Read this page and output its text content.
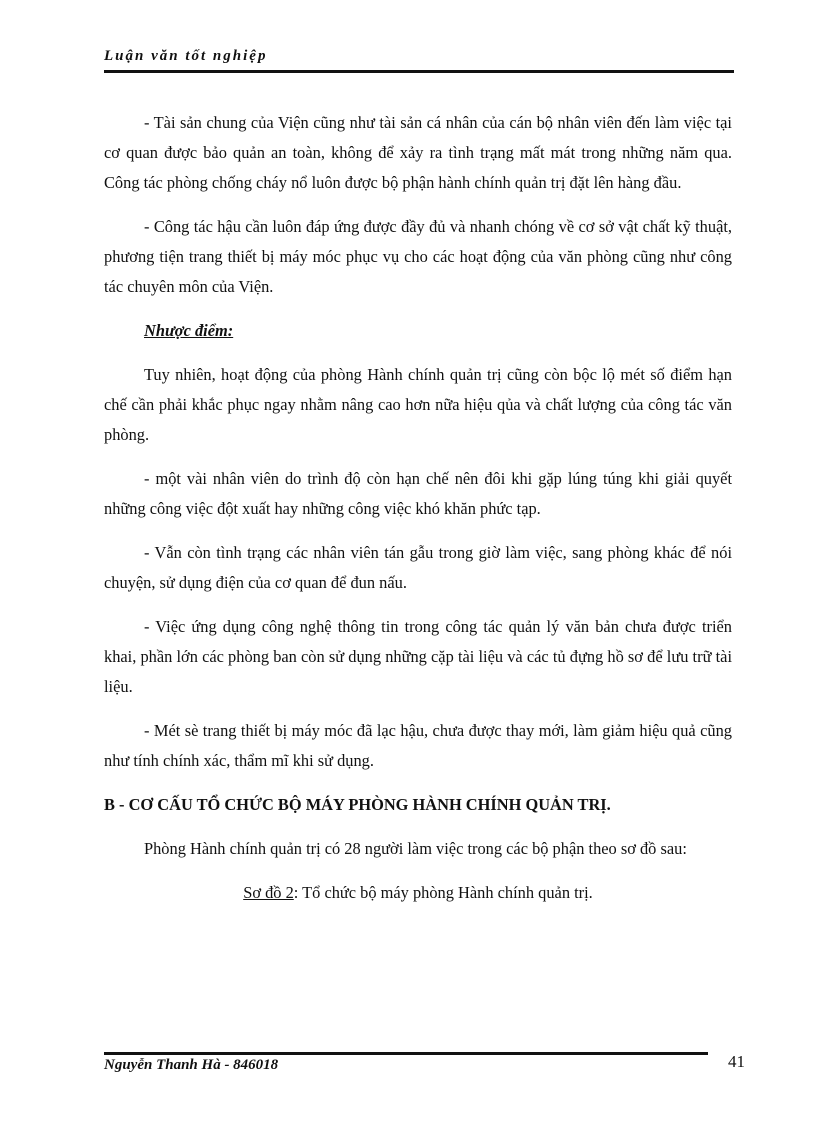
Luận văn tốt nghiệp

- Tài sản chung của Viện cũng như tài sản cá nhân của cán bộ nhân viên đến làm việc tại cơ quan được bảo quản an toàn, không để xảy ra tình trạng mất mát trong những năm qua. Công tác phòng chống cháy nổ luôn được bộ phận hành chính quản trị đặt lên hàng đầu.

- Công tác hậu cần luôn đáp ứng được đầy đủ và nhanh chóng về cơ sở vật chất kỹ thuật, phương tiện trang thiết bị máy móc phục vụ cho các hoạt động của văn phòng cũng như công tác chuyên môn của Viện.

Nhược điểm:

Tuy nhiên, hoạt động của phòng Hành chính quản trị cũng còn bộc lộ mét số điểm hạn chế cần phải khắc phục ngay nhằm nâng cao hơn nữa hiệu qủa và chất lượng của công tác văn phòng.

- một vài nhân viên do trình độ còn hạn chế nên đôi khi gặp lúng túng khi giải quyết những công việc đột xuất hay những công việc khó khăn phức tạp.

- Vẫn còn tình trạng các nhân viên tán gẫu trong giờ làm việc, sang phòng khác để nói chuyện, sử dụng điện của cơ quan để đun nấu.

- Việc ứng dụng công nghệ thông tin trong công tác quản lý văn bản chưa được triển khai, phần lớn các phòng ban còn sử dụng những cặp tài liệu và các tủ đựng hồ sơ để lưu trữ tài liệu.

- Mét sè trang thiết bị máy móc đã lạc hậu, chưa được thay mới, làm giảm hiệu quả cũng như tính chính xác, thẩm mĩ khi sử dụng.

B - CƠ CẤU TỔ CHỨC BỘ MÁY PHÒNG HÀNH CHÍNH QUẢN TRỊ.

Phòng Hành chính quản trị có 28 người làm việc trong các bộ phận theo sơ đồ sau:

Sơ đồ 2: Tổ chức bộ máy phòng Hành chính quản trị.

Nguyễn Thanh Hà - 846018	41
